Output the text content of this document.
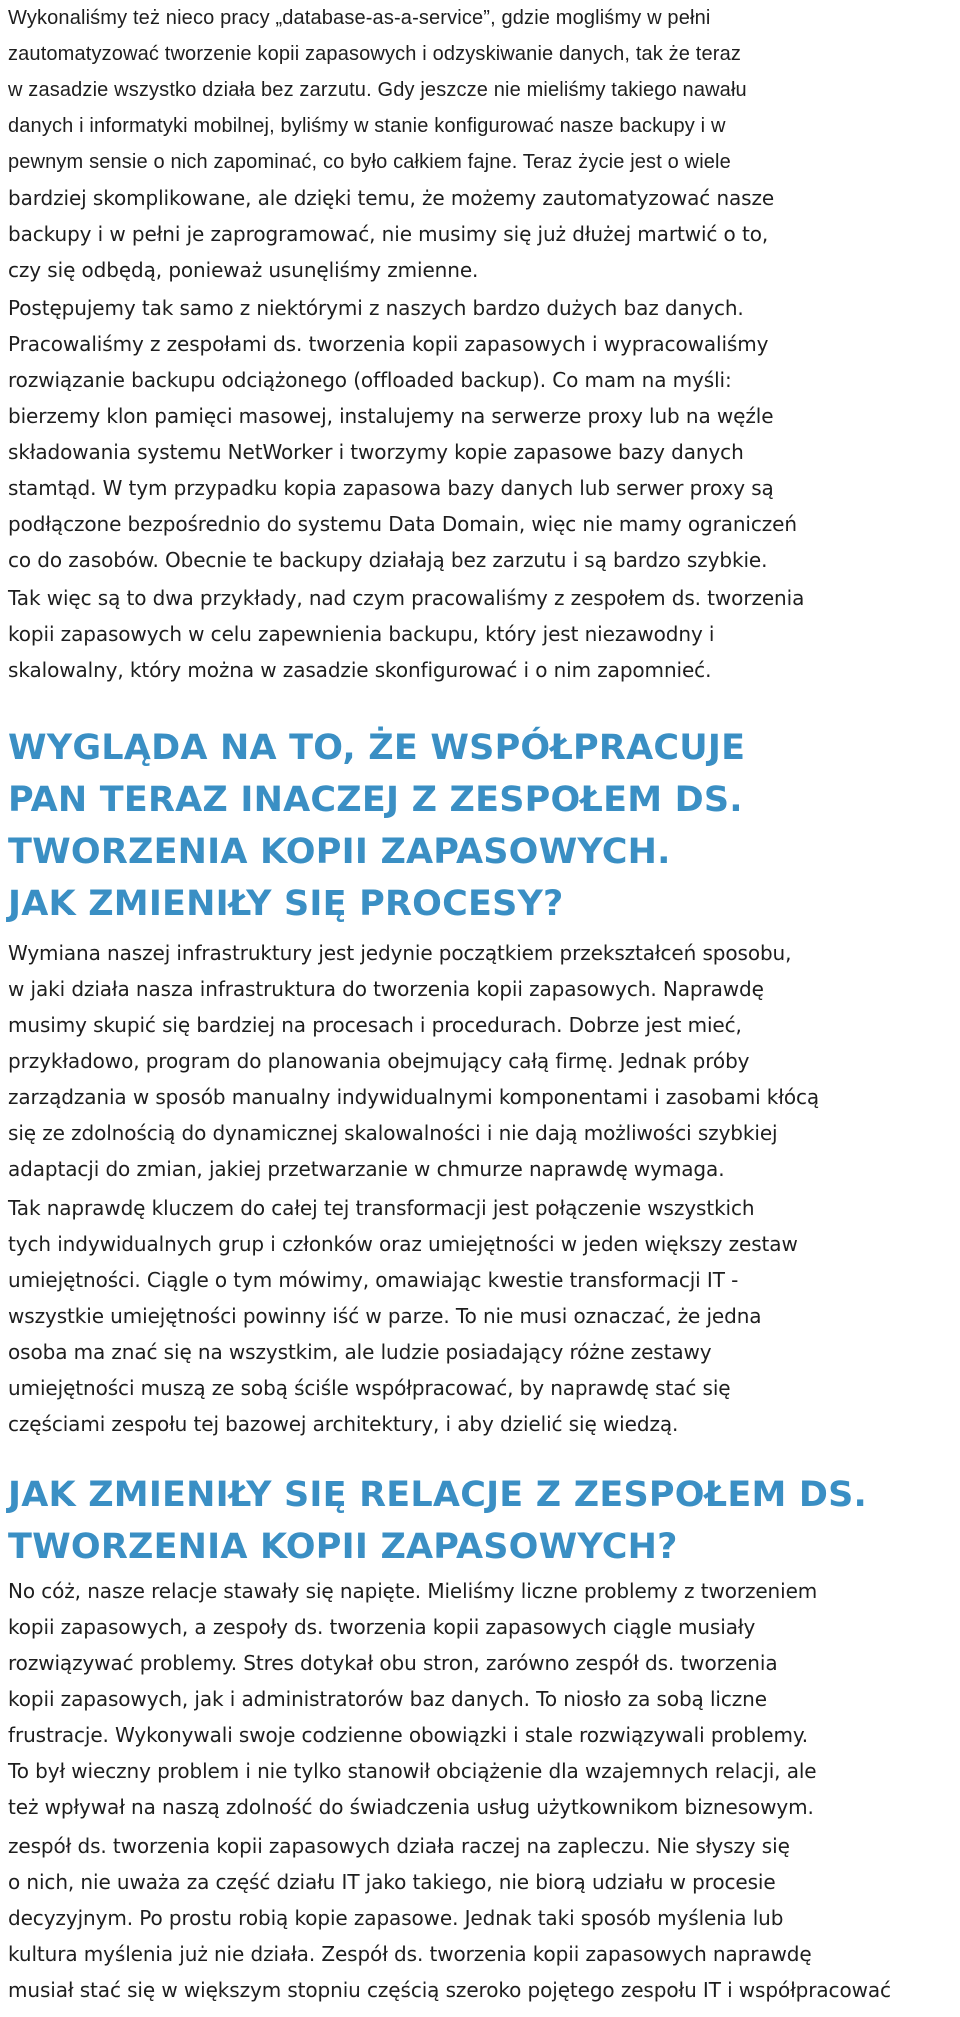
Wykonaliśmy też nieco pracy „database-as-a-service”, gdzie mogliśmy w pełni
zautomatyzować tworzenie kopii zapasowych i odzyskiwanie danych, tak że teraz
w zasadzie wszystko działa bez zarzutu. Gdy jeszcze nie mieliśmy takiego nawału
danych i informatyki mobilnej, byliśmy w stanie konfigurować nasze backupy i w
pewnym sensie o nich zapominać, co było całkiem fajne. Teraz życie jest o wiele
bardziej skomplikowane, ale dzięki temu, że możemy zautomatyzować nasze
backupy i w pełni je zaprogramować, nie musimy się już dłużej martwić o to,
czy się odbędą, ponieważ usunęliśmy zmienne.

Postępujemy tak samo z niektórymi z naszych bardzo dużych baz danych.
Pracowaliśmy z zespołami ds. tworzenia kopii zapasowych i wypracowaliśmy
rozwiązanie backupu odciążonego (offloaded backup). Co mam na myśli:
bierzemy klon pamięci masowej, instalujemy na serwerze proxy lub na węźle
składowania systemu NetWorker i tworzymy kopie zapasowe bazy danych
stamtąd. W tym przypadku kopia zapasowa bazy danych lub serwer proxy są
podłączone bezpośrednio do systemu Data Domain, więc nie mamy ograniczeń
co do zasobów. Obecnie te backupy działają bez zarzutu i są bardzo szybkie.

Tak więc są to dwa przykłady, nad czym pracowaliśmy z zespołem ds. tworzenia
kopii zapasowych w celu zapewnienia backupu, który jest niezawodny i
skalowalny, który można w zasadzie skonfigurować i o nim zapomnieć.

WYGLĄDA NA TO, ŻE WSPÓŁPRACUJE
PAN TERAZ INACZEJ Z ZESPOŁEM DS.
TWORZENIA KOPII ZAPASOWYCH.
JAK ZMIENIŁY SIĘ PROCESY?

Wymiana naszej infrastruktury jest jedynie początkiem przekształceń sposobu,
w jaki działa nasza infrastruktura do tworzenia kopii zapasowych. Naprawdę
musimy skupić się bardziej na procesach i procedurach. Dobrze jest mieć,
przykładowo, program do planowania obejmujący całą firmę. Jednak próby
zarządzania w sposób manualny indywidualnymi komponentami i zasobami kłócą
się ze zdolnością do dynamicznej skalowalności i nie dają możliwości szybkiej
adaptacji do zmian, jakiej przetwarzanie w chmurze naprawdę wymaga.

Tak naprawdę kluczem do całej tej transformacji jest połączenie wszystkich
tych indywidualnych grup i członków oraz umiejętności w jeden większy zestaw
umiejętności. Ciągle o tym mówimy, omawiając kwestie transformacji IT -
wszystkie umiejętności powinny iść w parze. To nie musi oznaczać, że jedna
osoba ma znać się na wszystkim, ale ludzie posiadający różne zestawy
umiejętności muszą ze sobą ściśle współpracować, by naprawdę stać się
częściami zespołu tej bazowej architektury, i aby dzielić się wiedzą.

JAK ZMIENIŁY SIĘ RELACJE Z ZESPOŁEM DS.
TWORZENIA KOPII ZAPASOWYCH?

No cóż, nasze relacje stawały się napięte. Mieliśmy liczne problemy z tworzeniem
kopii zapasowych, a zespoły ds. tworzenia kopii zapasowych ciągle musiały
rozwiązywać problemy. Stres dotykał obu stron, zarówno zespół ds. tworzenia
kopii zapasowych, jak i administratorów baz danych. To niosło za sobą liczne
frustracje. Wykonywali swoje codzienne obowiązki i stale rozwiązywali problemy.
To był wieczny problem i nie tylko stanowił obciążenie dla wzajemnych relacji, ale
też wpływał na naszą zdolność do świadczenia usług użytkownikom biznesowym.

zespół ds. tworzenia kopii zapasowych działa raczej na zapleczu. Nie słyszy się
o nich, nie uważa za część działu IT jako takiego, nie biorą udziału w procesie
decyzyjnym. Po prostu robią kopie zapasowe. Jednak taki sposób myślenia lub
kultura myślenia już nie działa. Zespół ds. tworzenia kopii zapasowych naprawdę
musiał stać się w większym stopniu częścią szeroko pojętego zespołu IT i współpracować
